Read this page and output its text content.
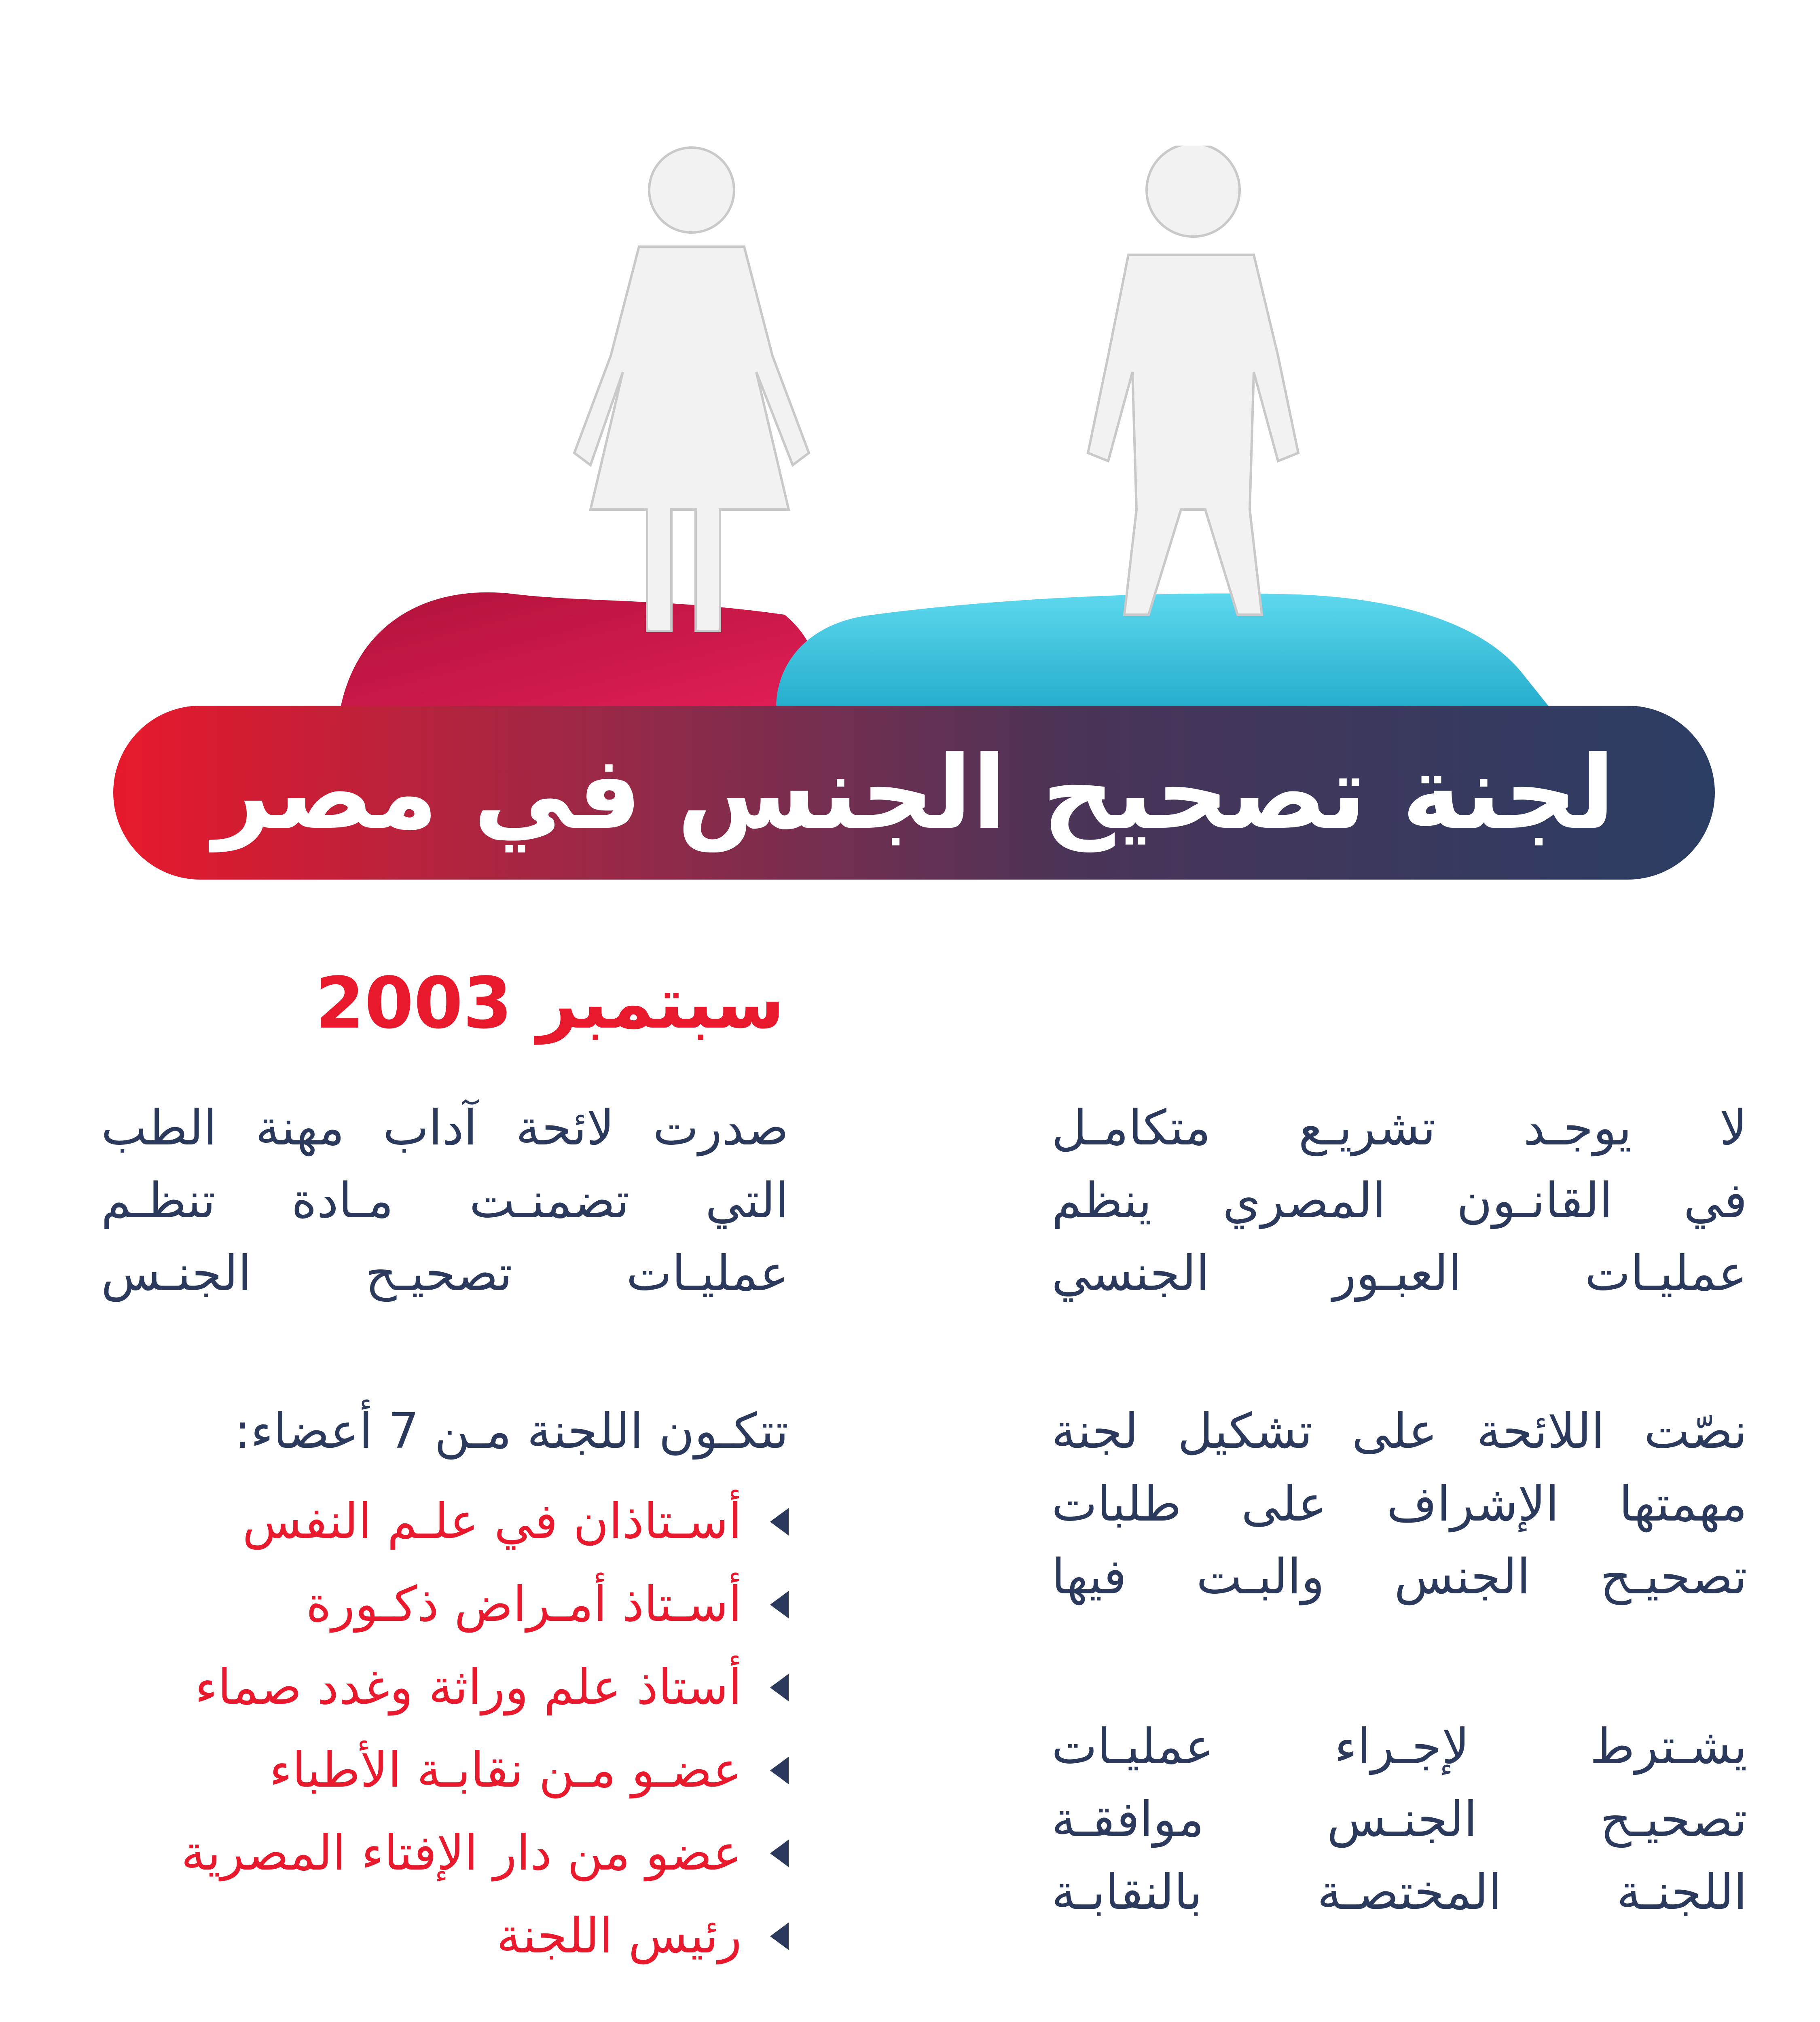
لجنة تصحيح الجنس في مصر
سبتمبر 2003
صدرت لائحة آداب مهنة الطب
التي تضمنـت مـادة تنظـم
عمليـات تصحيـح الجنـس
تتكـون اللجنة مـن 7 أعضاء:
أسـتاذان في علـم النفس
أسـتاذ أمـراض ذكـورة
أستاذ علم وراثة وغدد صماء
عضـو مـن نقابـة الأطباء
عضو من دار الإفتاء المصرية
رئيس اللجنة
لا يوجـد تشريـع متكامـل
في القانـون المصري ينظم
عمليـات العبـور الجنسي
نصّت اللائحة على تشكيل لجنة
مهمتها الإشراف على طلبات
تصحيـح الجنس والبـت فيها
يشـترط لإجـراء عمليـات
تصحيـح الجنـس موافقـة
اللجنـة المختصـة بالنقابـة
